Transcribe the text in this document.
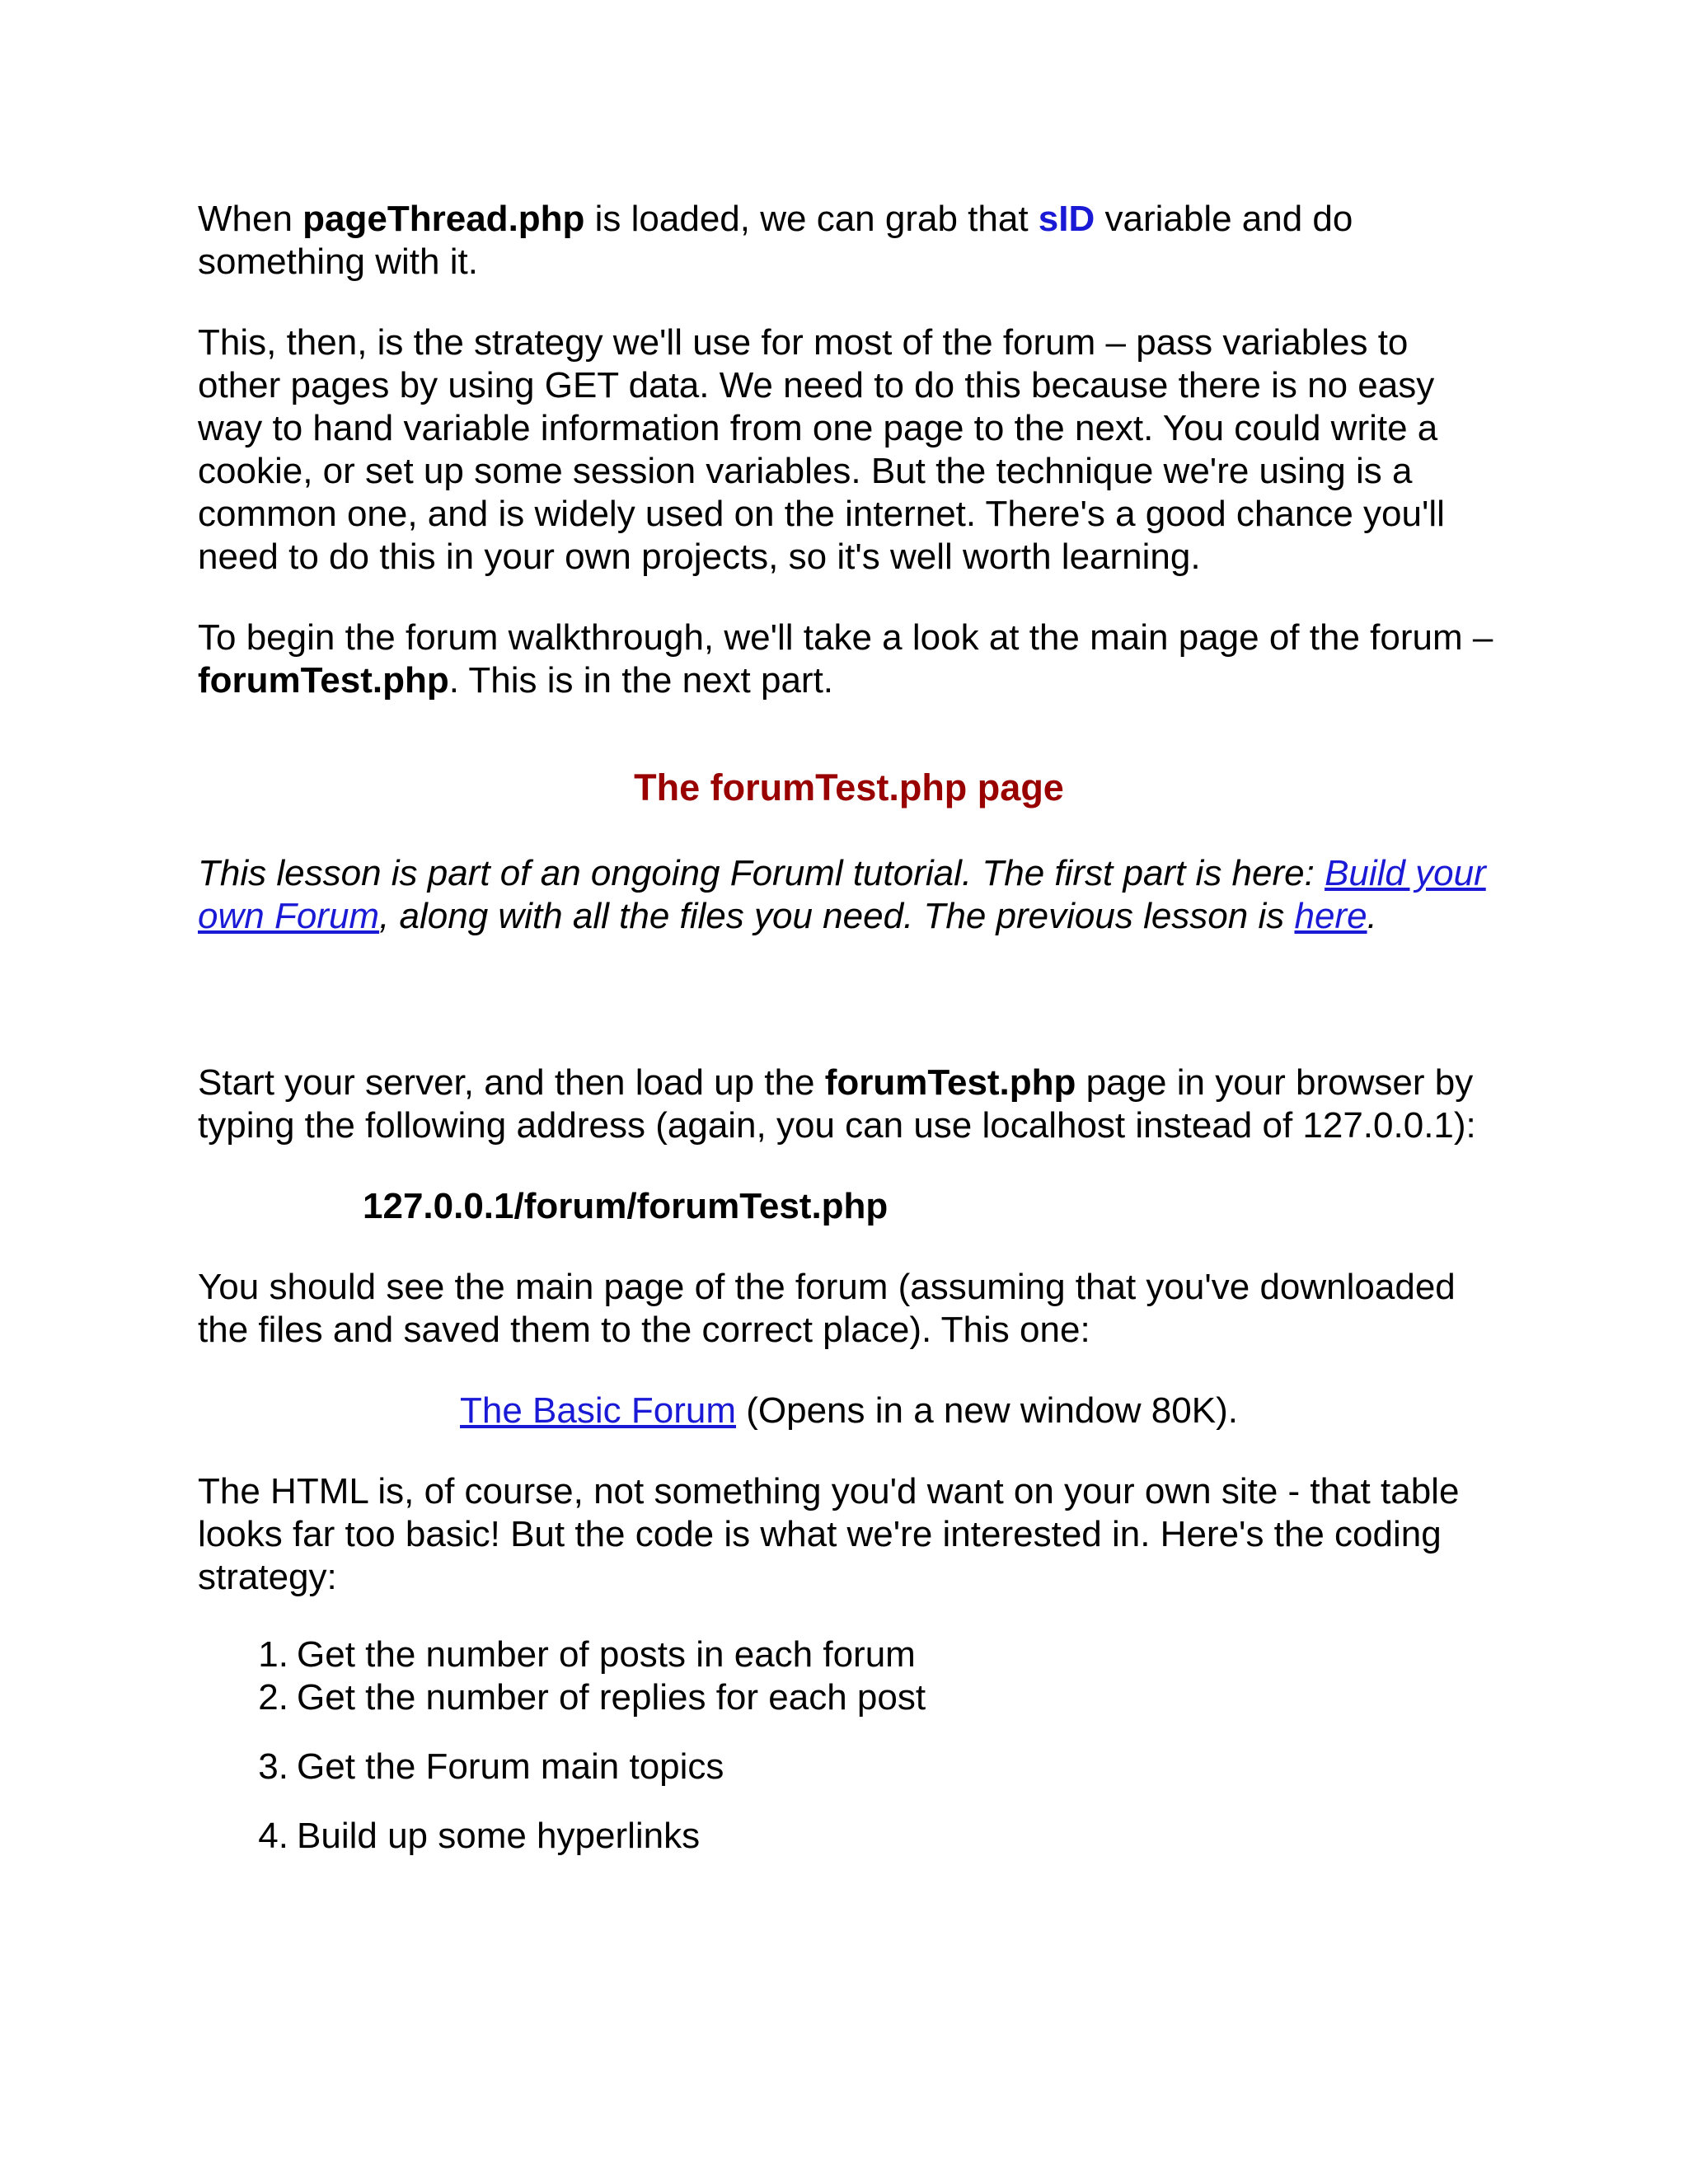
When pageThread.php is loaded, we can grab that sID variable and do something with it.

This, then, is the strategy we'll use for most of the forum – pass variables to other pages by using GET data. We need to do this because there is no easy way to hand variable information from one page to the next. You could write a cookie, or set up some session variables. But the technique we're using is a common one, and is widely used on the internet. There's a good chance you'll need to do this in your own projects, so it's well worth learning.

To begin the forum walkthrough, we'll take a look at the main page of the forum –forumTest.php. This is in the next part.

The forumTest.php page

This lesson is part of an ongoing Foruml tutorial. The first part is here: Build your own Forum, along with all the files you need. The previous lesson is here.

Start your server, and then load up the forumTest.php page in your browser by typing the following address (again, you can use localhost instead of 127.0.0.1):

127.0.0.1/forum/forumTest.php

You should see the main page of the forum (assuming that you've downloaded the files and saved them to the correct place). This one:

The Basic Forum (Opens in a new window 80K).

The HTML is, of course, not something you'd want on your own site - that table looks far too basic! But the code is what we're interested in. Here's the coding strategy:

1. Get the number of posts in each forum
2. Get the number of replies for each post
3. Get the Forum main topics
4. Build up some hyperlinks
